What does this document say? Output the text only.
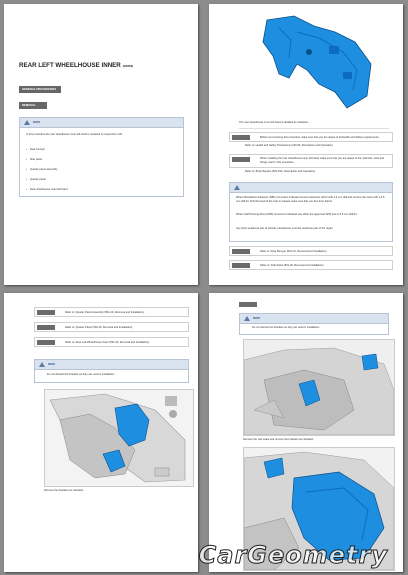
REAR LEFT WHEELHOUSE INNER (000000)
GENERAL PROCEDURES
REMOVAL
NOTE
In this procedure the rear wheelhouse inner left-hand is replaced in conjunction with:
• Rear bumper
• Side panel
• Quarter panel assembly
• Quarter panel
• Rear wheelhouse outer left-hand
The rear wheelhouse inner left-hand is detailed as indicated.
Before commencing this procedure make sure that you are aware of all Health and Safety requirements.
Refer to: Health and Safety Precautions (100-00, Description and Operation).
When installing the rear wheelhouse inner left-hand make sure that you are aware of the methods, tools and fixings used in this procedure.
Refer to: Body Repairs (501-25A, Description and Operation).
Where Breakdown Fastener (SBF) removal is indicated remove fasteners which with a 6 mm drill and remove the rivets with a 6.5 mm drill bit. Drill the head of the rivet to release make sure that you free from debris.
Where Self Piercing Rivet (SPR) removal is indicated use either the approved SPR tool or 6.5 mm drill bit.
Any joints sealed as part of vehicle manufacture must be sealed as part of the repair.
Refer to: Rear Bumper (501-19, Removal and Installation).
Refer to: Side Panel (501-29, Removal and Installation).
Refer to: Quarter Panel Assembly (501-29, Removal and Installation).
Refer to: Quarter Panel (501-29, Removal and Installation).
Refer to: Rear Left Wheelhouse Outer (501-29, Removal and Installation).
NOTE
Do not discard the brackets as they are used in installation.
Remove the brackets as indicated.
NOTE
Do not discard the brackets as they are used in installation.
Remove the rear seals and remove the brackets as indicated.
CarGeometry
